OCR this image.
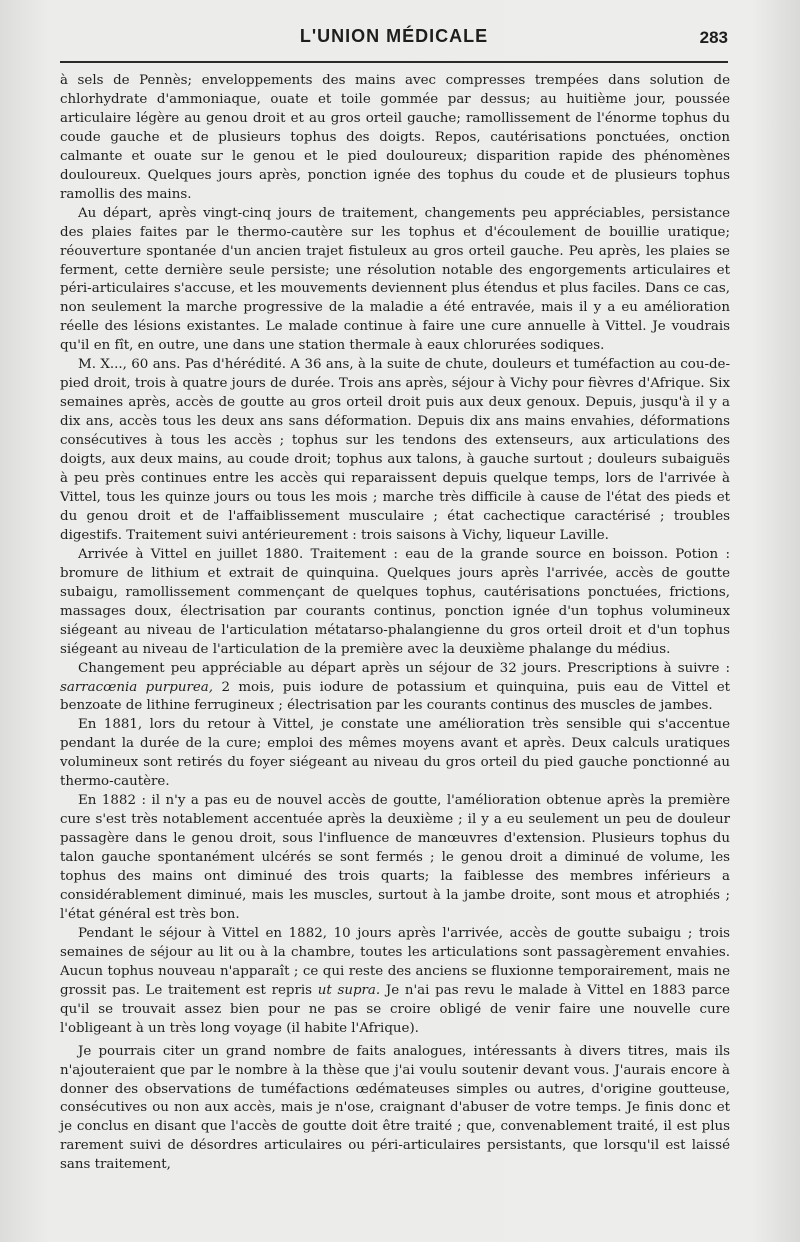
L'UNION MÉDICALE	283

à sels de Pennès; enveloppements des mains avec compresses trempées dans solution de chlorhydrate d'ammoniaque, ouate et toile gommée par dessus; au huitième jour, poussée articulaire légère au genou droit et au gros orteil gauche; ramollissement de l'énorme tophus du coude gauche et de plusieurs tophus des doigts. Repos, cautérisations ponctuées, onction calmante et ouate sur le genou et le pied douloureux; disparition rapide des phénomènes douloureux. Quelques jours après, ponction ignée des tophus du coude et de plusieurs tophus ramollis des mains.

Au départ, après vingt-cinq jours de traitement, changements peu appréciables, persistance des plaies faites par le thermo-cautère sur les tophus et d'écoulement de bouillie uratique; réouverture spontanée d'un ancien trajet fistuleux au gros orteil gauche. Peu après, les plaies se ferment, cette dernière seule persiste; une résolution notable des engorgements articulaires et péri-articulaires s'accuse, et les mouvements deviennent plus étendus et plus faciles. Dans ce cas, non seulement la marche progressive de la maladie a été entravée, mais il y a eu amélioration réelle des lésions existantes. Le malade continue à faire une cure annuelle à Vittel. Je voudrais qu'il en fît, en outre, une dans une station thermale à eaux chlorurées sodiques.

M. X..., 60 ans. Pas d'hérédité. A 36 ans, à la suite de chute, douleurs et tuméfaction au cou-de-pied droit, trois à quatre jours de durée. Trois ans après, séjour à Vichy pour fièvres d'Afrique. Six semaines après, accès de goutte au gros orteil droit puis aux deux genoux. Depuis, jusqu'à il y a dix ans, accès tous les deux ans sans déformation. Depuis dix ans mains envahies, déformations consécutives à tous les accès ; tophus sur les tendons des extenseurs, aux articulations des doigts, aux deux mains, au coude droit; tophus aux talons, à gauche surtout ; douleurs subaiguës à peu près continues entre les accès qui reparaissent depuis quelque temps, lors de l'arrivée à Vittel, tous les quinze jours ou tous les mois ; marche très difficile à cause de l'état des pieds et du genou droit et de l'affaiblissement musculaire ; état cachectique caractérisé ; troubles digestifs. Traitement suivi antérieurement : trois saisons à Vichy, liqueur Laville.

Arrivée à Vittel en juillet 1880. Traitement : eau de la grande source en boisson. Potion : bromure de lithium et extrait de quinquina. Quelques jours après l'arrivée, accès de goutte subaigu, ramollissement commençant de quelques tophus, cautérisations ponctuées, frictions, massages doux, électrisation par courants continus, ponction ignée d'un tophus volumineux siégeant au niveau de l'articulation métatarso-phalangienne du gros orteil droit et d'un tophus siégeant au niveau de l'articulation de la première avec la deuxième phalange du médius.

Changement peu appréciable au départ après un séjour de 32 jours. Prescriptions à suivre : sarracœnia purpurea, 2 mois, puis iodure de potassium et quinquina, puis eau de Vittel et benzoate de lithine ferrugineux ; électrisation par les courants continus des muscles de jambes.

En 1881, lors du retour à Vittel, je constate une amélioration très sensible qui s'accentue pendant la durée de la cure; emploi des mêmes moyens avant et après. Deux calculs uratiques volumineux sont retirés du foyer siégeant au niveau du gros orteil du pied gauche ponctionné au thermo-cautère.

En 1882 : il n'y a pas eu de nouvel accès de goutte, l'amélioration obtenue après la première cure s'est très notablement accentuée après la deuxième ; il y a eu seulement un peu de douleur passagère dans le genou droit, sous l'influence de manœuvres d'extension. Plusieurs tophus du talon gauche spontanément ulcérés se sont fermés ; le genou droit a diminué de volume, les tophus des mains ont diminué des trois quarts; la faiblesse des membres inférieurs a considérablement diminué, mais les muscles, surtout à la jambe droite, sont mous et atrophiés ; l'état général est très bon.

Pendant le séjour à Vittel en 1882, 10 jours après l'arrivée, accès de goutte subaigu ; trois semaines de séjour au lit ou à la chambre, toutes les articulations sont passagèrement envahies. Aucun tophus nouveau n'apparaît ; ce qui reste des anciens se fluxionne temporairement, mais ne grossit pas. Le traitement est repris ut supra. Je n'ai pas revu le malade à Vittel en 1883 parce qu'il se trouvait assez bien pour ne pas se croire obligé de venir faire une nouvelle cure l'obligeant à un très long voyage (il habite l'Afrique).

Je pourrais citer un grand nombre de faits analogues, intéressants à divers titres, mais ils n'ajouteraient que par le nombre à la thèse que j'ai voulu soutenir devant vous. J'aurais encore à donner des observations de tuméfactions œdémateuses simples ou autres, d'origine goutteuse, consécutives ou non aux accès, mais je n'ose, craignant d'abuser de votre temps. Je finis donc et je conclus en disant que l'accès de goutte doit être traité ; que, convenablement traité, il est plus rarement suivi de désordres articulaires ou péri-articulaires persistants, que lorsqu'il est laissé sans traitement,
